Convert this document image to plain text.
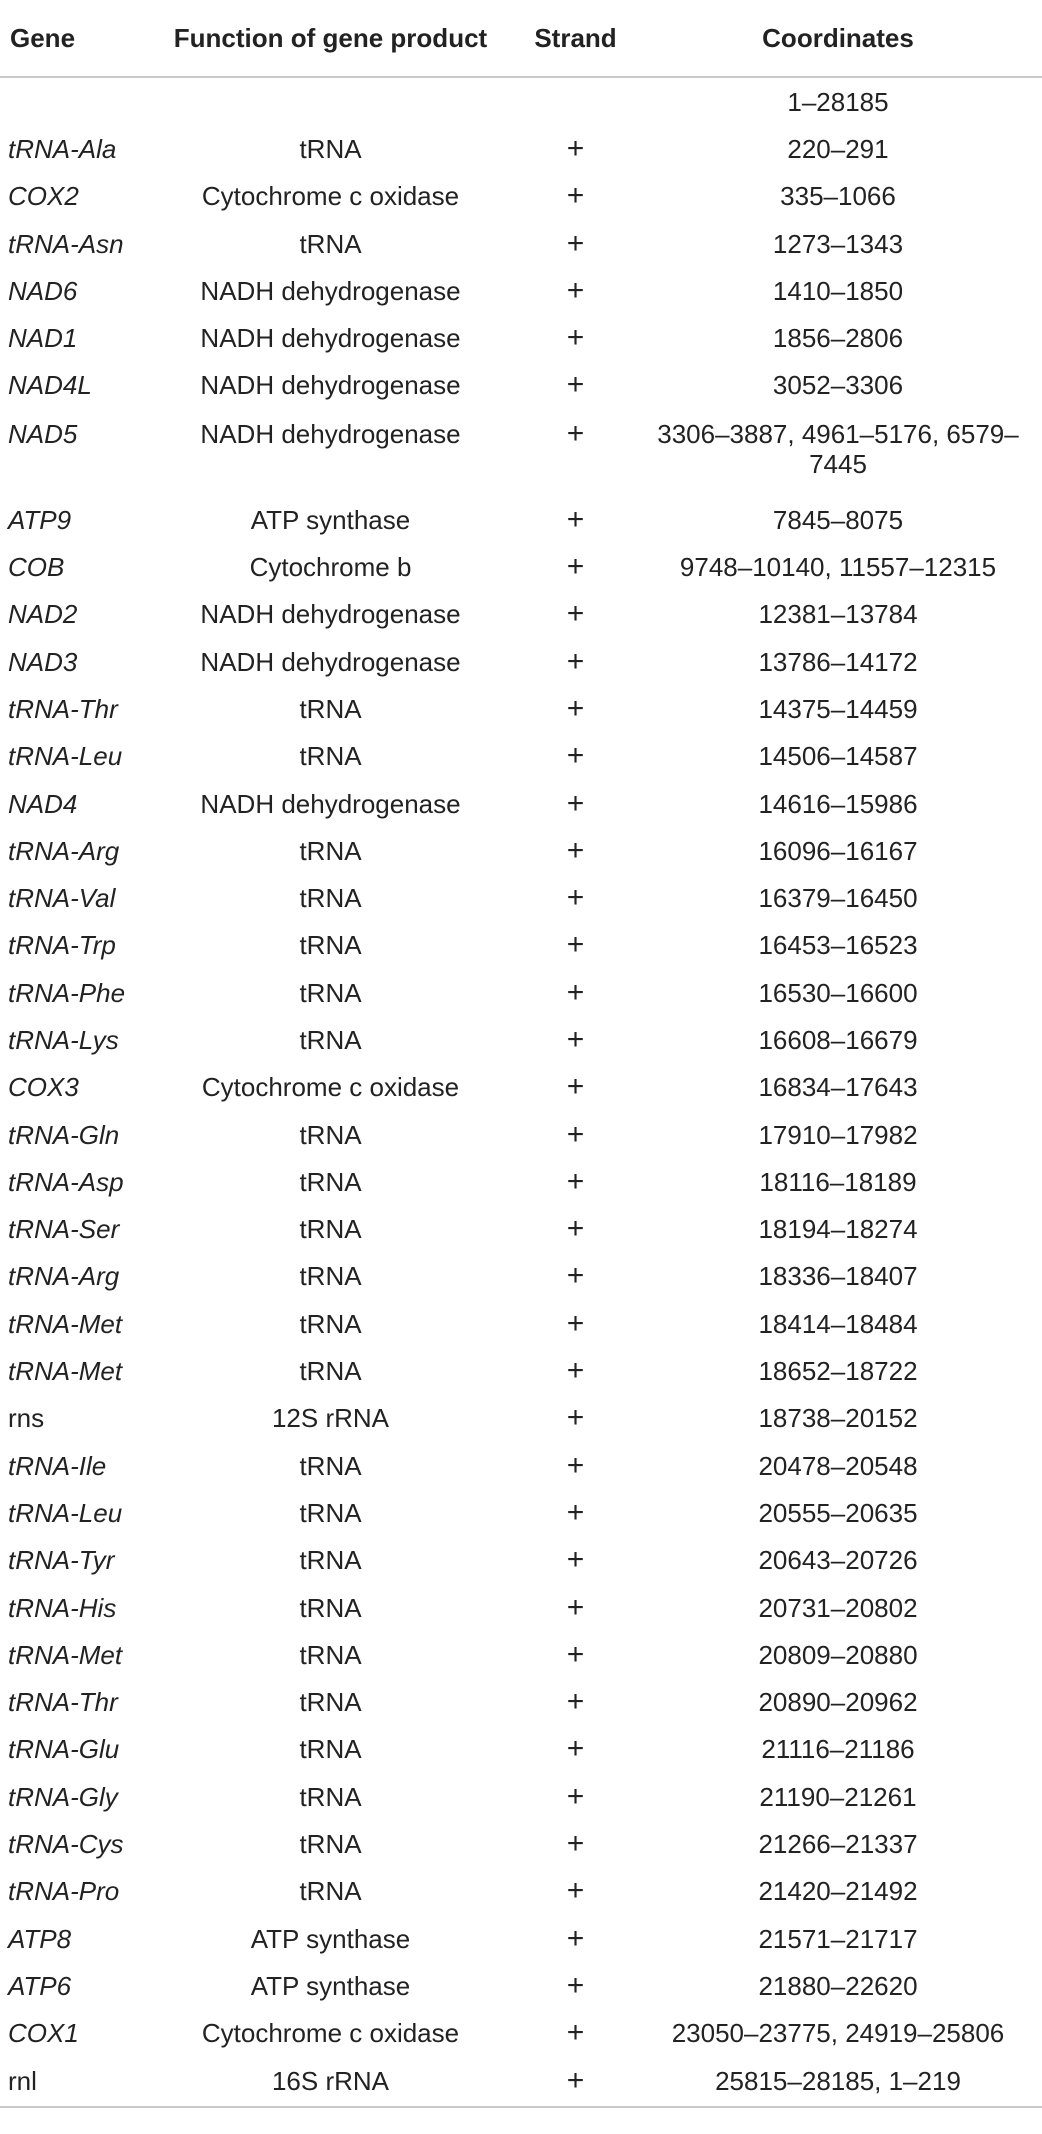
Gene	Function of gene product	Strand	Coordinates
			1–28185
tRNA-Ala	tRNA	+	220–291
COX2	Cytochrome c oxidase	+	335–1066
tRNA-Asn	tRNA	+	1273–1343
NAD6	NADH dehydrogenase	+	1410–1850
NAD1	NADH dehydrogenase	+	1856–2806
NAD4L	NADH dehydrogenase	+	3052–3306
NAD5	NADH dehydrogenase	+	3306–3887, 4961–5176, 6579–7445
ATP9	ATP synthase	+	7845–8075
COB	Cytochrome b	+	9748–10140, 11557–12315
NAD2	NADH dehydrogenase	+	12381–13784
NAD3	NADH dehydrogenase	+	13786–14172
tRNA-Thr	tRNA	+	14375–14459
tRNA-Leu	tRNA	+	14506–14587
NAD4	NADH dehydrogenase	+	14616–15986
tRNA-Arg	tRNA	+	16096–16167
tRNA-Val	tRNA	+	16379–16450
tRNA-Trp	tRNA	+	16453–16523
tRNA-Phe	tRNA	+	16530–16600
tRNA-Lys	tRNA	+	16608–16679
COX3	Cytochrome c oxidase	+	16834–17643
tRNA-Gln	tRNA	+	17910–17982
tRNA-Asp	tRNA	+	18116–18189
tRNA-Ser	tRNA	+	18194–18274
tRNA-Arg	tRNA	+	18336–18407
tRNA-Met	tRNA	+	18414–18484
tRNA-Met	tRNA	+	18652–18722
rns	12S rRNA	+	18738–20152
tRNA-Ile	tRNA	+	20478–20548
tRNA-Leu	tRNA	+	20555–20635
tRNA-Tyr	tRNA	+	20643–20726
tRNA-His	tRNA	+	20731–20802
tRNA-Met	tRNA	+	20809–20880
tRNA-Thr	tRNA	+	20890–20962
tRNA-Glu	tRNA	+	21116–21186
tRNA-Gly	tRNA	+	21190–21261
tRNA-Cys	tRNA	+	21266–21337
tRNA-Pro	tRNA	+	21420–21492
ATP8	ATP synthase	+	21571–21717
ATP6	ATP synthase	+	21880–22620
COX1	Cytochrome c oxidase	+	23050–23775, 24919–25806
rnl	16S rRNA	+	25815–28185, 1–219
